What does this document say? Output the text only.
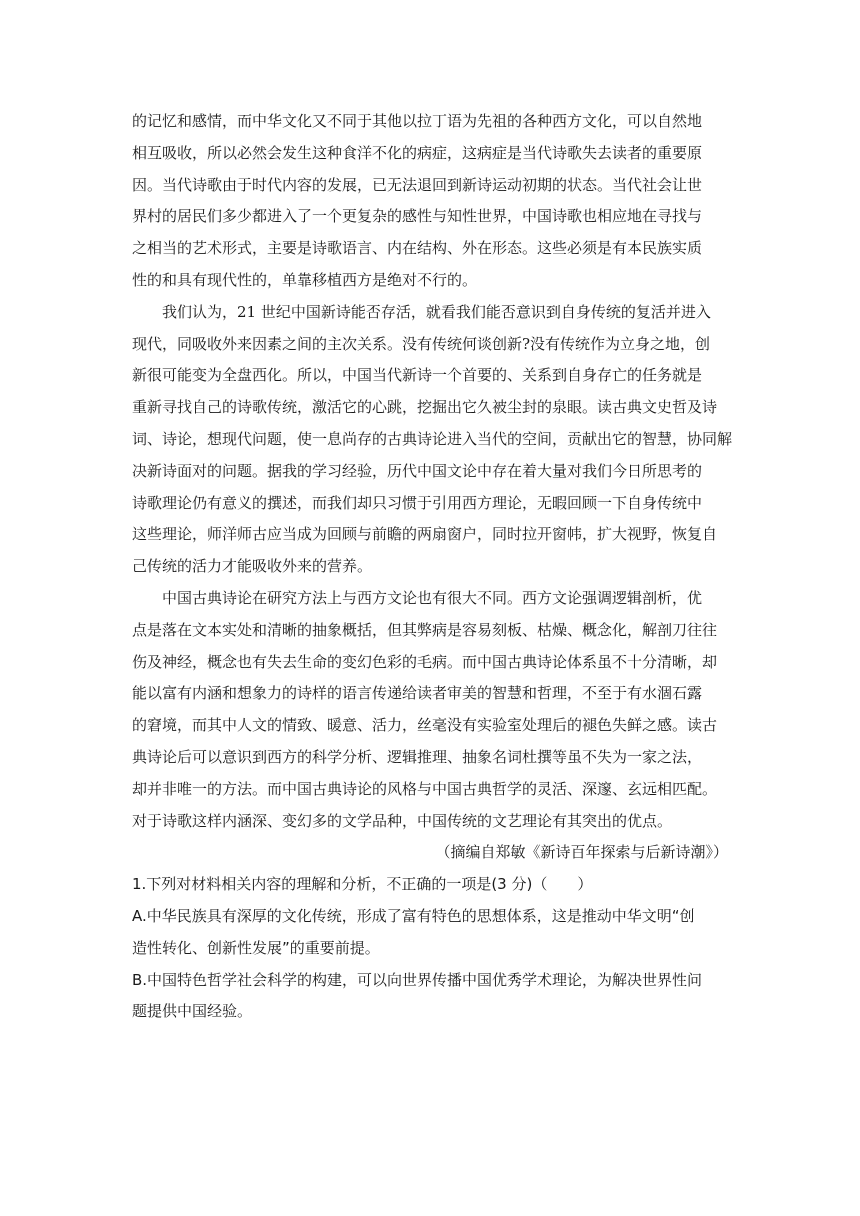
的记忆和感情，而中华文化又不同于其他以拉丁语为先祖的各种西方文化，可以自然地
相互吸收，所以必然会发生这种食洋不化的病症，这病症是当代诗歌失去读者的重要原
因。当代诗歌由于时代内容的发展，已无法退回到新诗运动初期的状态。当代社会让世
界村的居民们多少都进入了一个更复杂的感性与知性世界，中国诗歌也相应地在寻找与
之相当的艺术形式，主要是诗歌语言、内在结构、外在形态。这些必须是有本民族实质
性的和具有现代性的，单靠移植西方是绝对不行的。
我们认为，21 世纪中国新诗能否存活，就看我们能否意识到自身传统的复活并进入
现代，同吸收外来因素之间的主次关系。没有传统何谈创新?没有传统作为立身之地，创
新很可能变为全盘西化。所以，中国当代新诗一个首要的、关系到自身存亡的任务就是
重新寻找自己的诗歌传统，激活它的心跳，挖掘出它久被尘封的泉眼。读古典文史哲及诗
词、诗论，想现代问题，使一息尚存的古典诗论进入当代的空间，贡献出它的智慧，协同解
决新诗面对的问题。据我的学习经验，历代中国文论中存在着大量对我们今日所思考的
诗歌理论仍有意义的撰述，而我们却只习惯于引用西方理论，无暇回顾一下自身传统中
这些理论，师洋师古应当成为回顾与前瞻的两扇窗户，同时拉开窗帏，扩大视野，恢复自
己传统的活力才能吸收外来的营养。
中国古典诗论在研究方法上与西方文论也有很大不同。西方文论强调逻辑剖析，优
点是落在文本实处和清晰的抽象概括，但其弊病是容易刻板、枯燥、概念化，解剖刀往往
伤及神经，概念也有失去生命的变幻色彩的毛病。而中国古典诗论体系虽不十分清晰，却
能以富有内涵和想象力的诗样的语言传递给读者审美的智慧和哲理，不至于有水涸石露
的窘境，而其中人文的情致、暖意、活力，丝毫没有实验室处理后的褪色失鲜之感。读古
典诗论后可以意识到西方的科学分析、逻辑推理、抽象名词杜撰等虽不失为一家之法，
却并非唯一的方法。而中国古典诗论的风格与中国古典哲学的灵活、深邃、玄远相匹配。
对于诗歌这样内涵深、变幻多的文学品种，中国传统的文艺理论有其突出的优点。
（摘编自郑敏《新诗百年探索与后新诗潮》）
1.下列对材料相关内容的理解和分析，不正确的一项是(3 分)（　　）
A.中华民族具有深厚的文化传统，形成了富有特色的思想体系，这是推动中华文明“创
造性转化、创新性发展”的重要前提。
B.中国特色哲学社会科学的构建，可以向世界传播中国优秀学术理论，为解决世界性问
题提供中国经验。
